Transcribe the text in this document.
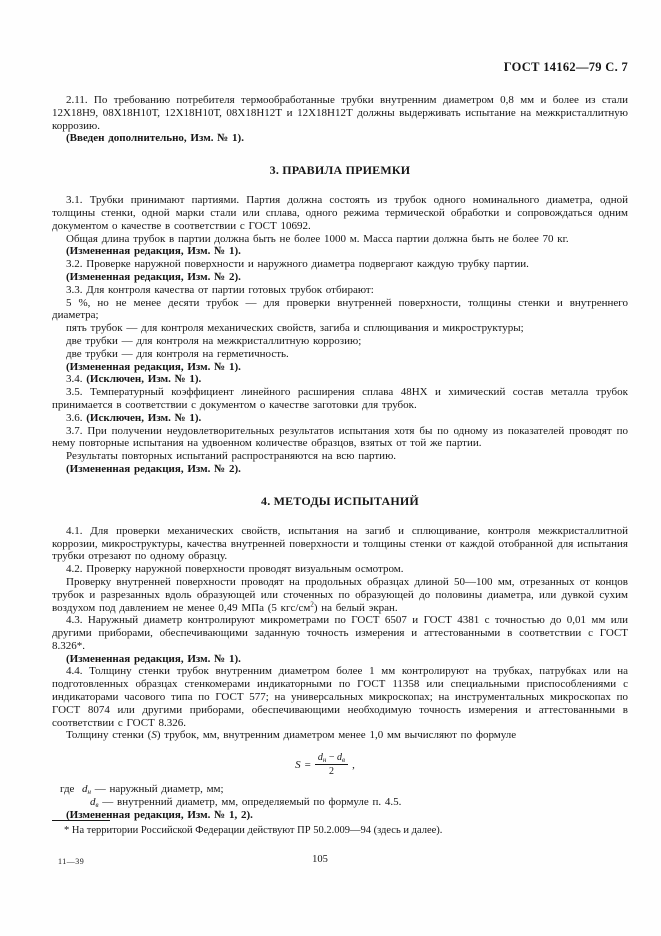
ГОСТ 14162—79 С. 7
2.11. По требованию потребителя термообработанные трубки внутренним диаметром 0,8 мм и более из стали 12Х18Н9, 08Х18Н10Т, 12Х18Н10Т, 08Х18Н12Т и 12Х18Н12Т должны выдерживать испытание на межкристаллитную коррозию.
(Введен дополнительно, Изм. № 1).
3. ПРАВИЛА ПРИЕМКИ
3.1. Трубки принимают партиями. Партия должна состоять из трубок одного номинального диаметра, одной толщины стенки, одной марки стали или сплава, одного режима термической обработки и сопровождаться одним документом о качестве в соответствии с ГОСТ 10692.
Общая длина трубок в партии должна быть не более 1000 м. Масса партии должна быть не более 70 кг.
(Измененная редакция, Изм. № 1).
3.2. Проверке наружной поверхности и наружного диаметра подвергают каждую трубку партии.
(Измененная редакция, Изм. № 2).
3.3. Для контроля качества от партии готовых трубок отбирают:
5 %, но не менее десяти трубок — для проверки внутренней поверхности, толщины стенки и внутреннего диаметра;
пять трубок — для контроля механических свойств, загиба и сплющивания и микроструктуры;
две трубки — для контроля на межкристаллитную коррозию;
две трубки — для контроля на герметичность.
(Измененная редакция, Изм. № 1).
3.4. (Исключен, Изм. № 1).
3.5. Температурный коэффициент линейного расширения сплава 48НХ и химический состав металла трубок принимается в соответствии с документом о качестве заготовки для трубок.
3.6. (Исключен, Изм. № 1).
3.7. При получении неудовлетворительных результатов испытания хотя бы по одному из показателей проводят по нему повторные испытания на удвоенном количестве образцов, взятых от той же партии.
Результаты повторных испытаний распространяются на всю партию.
(Измененная редакция, Изм. № 2).
4. МЕТОДЫ ИСПЫТАНИЙ
4.1. Для проверки механических свойств, испытания на загиб и сплющивание, контроля межкристаллитной коррозии, микроструктуры, качества внутренней поверхности и толщины стенки от каждой отобранной для испытания трубки отрезают по одному образцу.
4.2. Проверку наружной поверхности проводят визуальным осмотром.
Проверку внутренней поверхности проводят на продольных образцах длиной 50—100 мм, отрезанных от концов трубок и разрезанных вдоль образующей или сточенных по образующей до половины диаметра, или дувкой сухим воздухом под давлением не менее 0,49 МПа (5 кгс/$см^2$) на белый экран.
4.3. Наружный диаметр контролируют микрометрами по ГОСТ 6507 и ГОСТ 4381 с точностью до 0,01 мм или другими приборами, обеспечивающими заданную точность измерения и аттестованными в соответствии с ГОСТ 8.326*.
(Измененная редакция, Изм. № 1).
4.4. Толщину стенки трубок внутренним диаметром более 1 мм контролируют на трубках, патрубках или на подготовленных образцах стенкомерами индикаторными по ГОСТ 11358 или специальными приспособлениями с индикаторами часового типа по ГОСТ 577; на универсальных микроскопах; на инструментальных микроскопах по ГОСТ 8074 или другими приборами, обеспечивающими необходимую точность измерения и аттестованными в соответствии с ГОСТ 8.326.
Толщину стенки (S) трубок, мм, внутренним диаметром менее 1,0 мм вычисляют по формуле
$S = \frac{d_н - d_в}{2}$ ,
где  $d_н$ — наружный диаметр, мм;
$d_в$ — внутренний диаметр, мм, определяемый по формуле п. 4.5.
(Измененная редакция, Изм. № 1, 2).
* На территории Российской Федерации действуют ПР 50.2.009—94 (здесь и далее).
11—39	105
